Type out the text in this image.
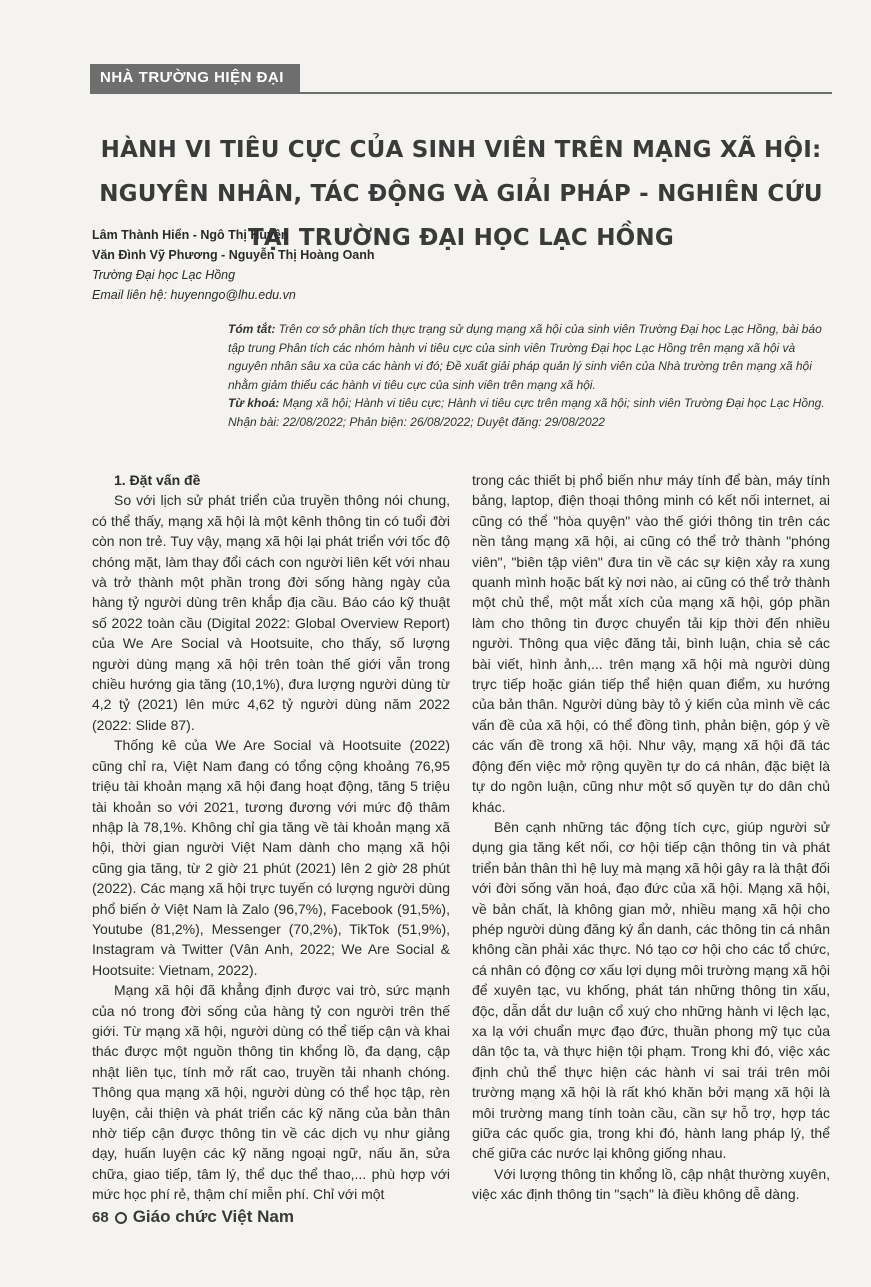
NHÀ TRƯỜNG HIỆN ĐẠI
HÀNH VI TIÊU CỰC CỦA SINH VIÊN TRÊN MẠNG XÃ HỘI: NGUYÊN NHÂN, TÁC ĐỘNG VÀ GIẢI PHÁP - NGHIÊN CỨU TẠI TRƯỜNG ĐẠI HỌC LẠC HỒNG
Lâm Thành Hiển - Ngô Thị Huyền
Văn Đình Vỹ Phương - Nguyễn Thị Hoàng Oanh
Trường Đại học Lạc Hồng
Email liên hệ: huyenngo@lhu.edu.vn

Tóm tắt: Trên cơ sở phân tích thực trạng sử dụng mạng xã hội của sinh viên Trường Đại học Lạc Hồng, bài báo tập trung Phân tích các nhóm hành vi tiêu cực của sinh viên Trường Đại học Lạc Hồng trên mạng xã hội và nguyên nhân sâu xa của các hành vi đó; Đề xuất giải pháp quản lý sinh viên của Nhà trường trên mạng xã hội nhằm giảm thiểu các hành vi tiêu cực của sinh viên trên mạng xã hội.

Từ khoá: Mạng xã hội; Hành vi tiêu cực; Hành vi tiêu cực trên mạng xã hội; sinh viên Trường Đại học Lạc Hồng.

Nhận bài: 22/08/2022; Phản biện: 26/08/2022; Duyệt đăng: 29/08/2022

1. Đặt vấn đề

So với lịch sử phát triển của truyền thông nói chung, có thể thấy, mạng xã hội là một kênh thông tin có tuổi đời còn non trẻ. Tuy vậy, mạng xã hội lại phát triển với tốc độ chóng mặt, làm thay đổi cách con người liên kết với nhau và trở thành một phần trong đời sống hàng ngày của hàng tỷ người dùng trên khắp địa cầu. Báo cáo kỹ thuật số 2022 toàn cầu (Digital 2022: Global Overview Report) của We Are Social và Hootsuite, cho thấy, số lượng người dùng mạng xã hội trên toàn thế giới vẫn trong chiều hướng gia tăng (10,1%), đưa lượng người dùng từ 4,2 tỷ (2021) lên mức 4,62 tỷ người dùng năm 2022 (2022: Slide 87).

Thống kê của We Are Social và Hootsuite (2022) cũng chỉ ra, Việt Nam đang có tổng cộng khoảng 76,95 triệu tài khoản mạng xã hội đang hoạt động, tăng 5 triệu tài khoản so với 2021, tương đương với mức độ thâm nhập là 78,1%. Không chỉ gia tăng về tài khoản mạng xã hội, thời gian người Việt Nam dành cho mạng xã hội cũng gia tăng, từ 2 giờ 21 phút (2021) lên 2 giờ 28 phút (2022). Các mạng xã hội trực tuyến có lượng người dùng phổ biến ở Việt Nam là Zalo (96,7%), Facebook (91,5%), Youtube (81,2%), Messenger (70,2%), TikTok (51,9%), Instagram và Twitter (Vân Anh, 2022; We Are Social & Hootsuite: Vietnam, 2022).

Mạng xã hội đã khẳng định được vai trò, sức mạnh của nó trong đời sống của hàng tỷ con người trên thế giới. Từ mạng xã hội, người dùng có thể tiếp cận và khai thác được một nguồn thông tin khổng lồ, đa dạng, cập nhật liên tục, tính mở rất cao, truyền tải nhanh chóng. Thông qua mạng xã hội, người dùng có thể học tập, rèn luyện, cải thiện và phát triển các kỹ năng của bản thân nhờ tiếp cận được thông tin về các dịch vụ như giảng dạy, huấn luyện các kỹ năng ngoại ngữ, nấu ăn, sửa chữa, giao tiếp, tâm lý, thể dục thể thao,... phù hợp với mức học phí rẻ, thậm chí miễn phí. Chỉ với một

trong các thiết bị phổ biến như máy tính để bàn, máy tính bảng, laptop, điện thoại thông minh có kết nối internet, ai cũng có thể "hòa quyện" vào thế giới thông tin trên các nền tảng mạng xã hội, ai cũng có thể trở thành "phóng viên", "biên tập viên" đưa tin về các sự kiện xảy ra xung quanh mình hoặc bất kỳ nơi nào, ai cũng có thể trở thành một chủ thể, một mắt xích của mạng xã hội, góp phần làm cho thông tin được chuyển tải kịp thời đến nhiều người. Thông qua việc đăng tải, bình luận, chia sẻ các bài viết, hình ảnh,... trên mạng xã hội mà người dùng trực tiếp hoặc gián tiếp thể hiện quan điểm, xu hướng của bản thân. Người dùng bày tỏ ý kiến của mình về các vấn đề của xã hội, có thể đồng tình, phản biện, góp ý về các vấn đề trong xã hội. Như vậy, mạng xã hội đã tác động đến việc mở rộng quyền tự do cá nhân, đặc biệt là tự do ngôn luận, cũng như một số quyền tự do dân chủ khác.

Bên cạnh những tác động tích cực, giúp người sử dụng gia tăng kết nối, cơ hội tiếp cận thông tin và phát triển bản thân thì hệ luỵ mà mạng xã hội gây ra là thật đối với đời sống văn hoá, đạo đức của xã hội. Mạng xã hội, về bản chất, là không gian mở, nhiều mạng xã hội cho phép người dùng đăng ký ẩn danh, các thông tin cá nhân không cần phải xác thực. Nó tạo cơ hội cho các tổ chức, cá nhân có động cơ xấu lợi dụng môi trường mạng xã hội để xuyên tạc, vu khống, phát tán những thông tin xấu, độc, dẫn dắt dư luận cổ xuý cho những hành vi lệch lạc, xa lạ với chuẩn mực đạo đức, thuần phong mỹ tục của dân tộc ta, và thực hiện tội phạm. Trong khi đó, việc xác định chủ thể thực hiện các hành vi sai trái trên môi trường mạng xã hội là rất khó khăn bởi mạng xã hội là môi trường mang tính toàn cầu, cần sự hỗ trợ, hợp tác giữa các quốc gia, trong khi đó, hành lang pháp lý, thể chế giữa các nước lại không giống nhau.

Với lượng thông tin khổng lồ, cập nhật thường xuyên, việc xác định thông tin "sạch" là điều không dễ dàng.

68 Giáo chức Việt Nam
